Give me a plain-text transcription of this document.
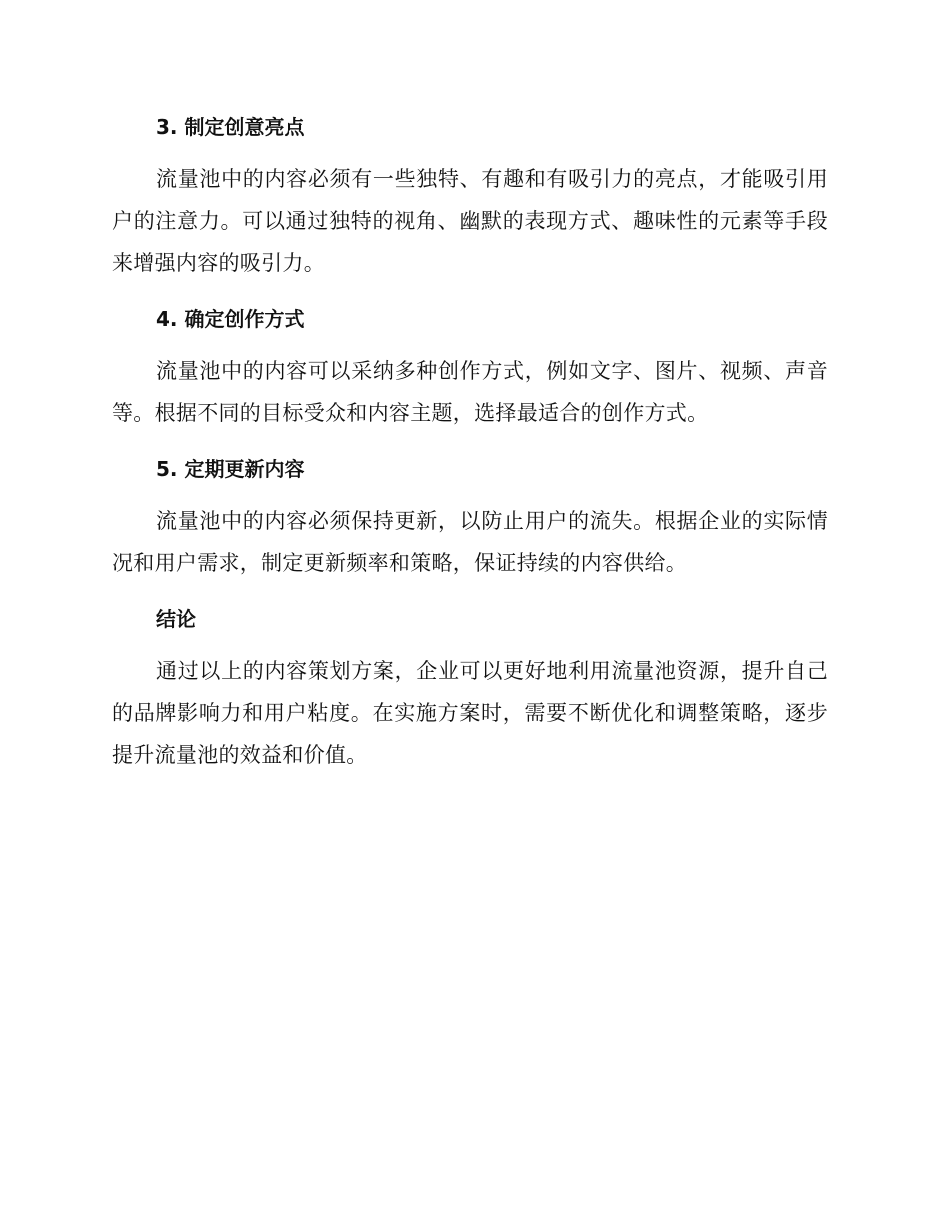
3. 制定创意亮点

流量池中的内容必须有一些独特、有趣和有吸引力的亮点，才能吸引用户的注意力。可以通过独特的视角、幽默的表现方式、趣味性的元素等手段来增强内容的吸引力。

4. 确定创作方式

流量池中的内容可以采纳多种创作方式，例如文字、图片、视频、声音等。根据不同的目标受众和内容主题，选择最适合的创作方式。

5. 定期更新内容

流量池中的内容必须保持更新，以防止用户的流失。根据企业的实际情况和用户需求，制定更新频率和策略，保证持续的内容供给。

结论

通过以上的内容策划方案，企业可以更好地利用流量池资源，提升自己的品牌影响力和用户粘度。在实施方案时，需要不断优化和调整策略，逐步提升流量池的效益和价值。
